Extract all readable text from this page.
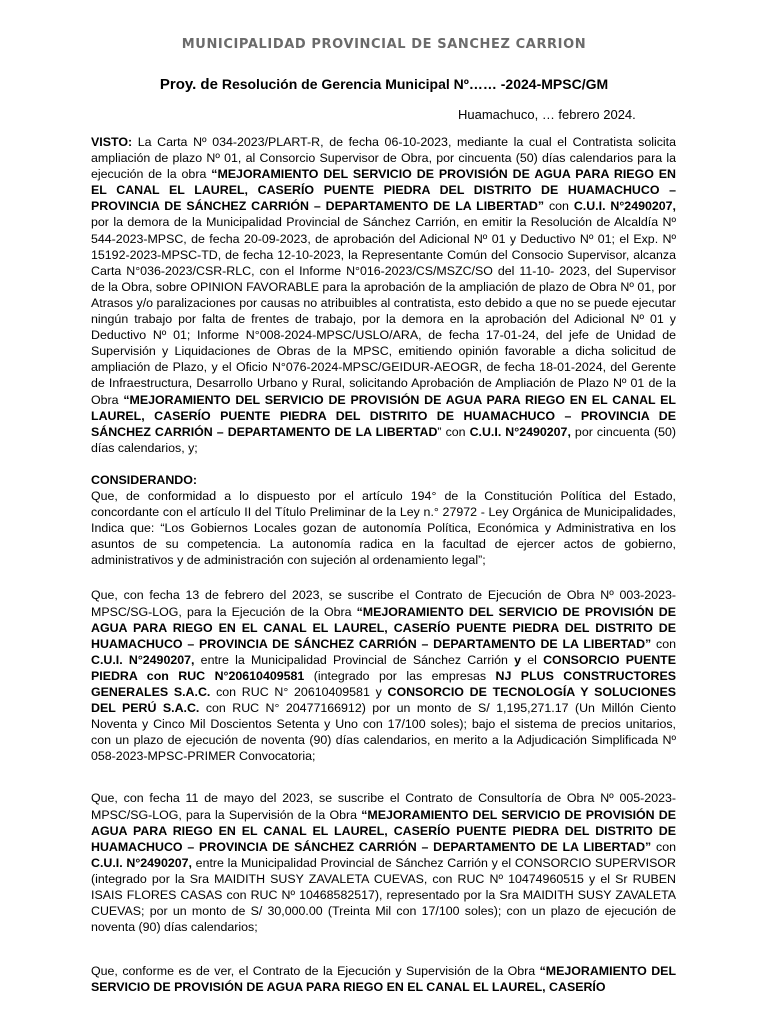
MUNICIPALIDAD PROVINCIAL DE SANCHEZ CARRION
Proy. de Resolución de Gerencia Municipal Nº…… -2024-MPSC/GM
Huamachuco, … febrero 2024.

VISTO: La Carta Nº 034-2023/PLART-R, de fecha 06-10-2023, mediante la cual el Contratista solicita ampliación de plazo Nº 01, al Consorcio Supervisor de Obra, por cincuenta (50) días calendarios para la ejecución de la obra “MEJORAMIENTO DEL SERVICIO DE PROVISIÓN DE AGUA PARA RIEGO EN EL CANAL EL LAUREL, CASERÍO PUENTE PIEDRA DEL DISTRITO DE HUAMACHUCO – PROVINCIA DE SÁNCHEZ CARRIÓN – DEPARTAMENTO DE LA LIBERTAD” con C.U.I. N°2490207, por la demora de la Municipalidad Provincial de Sánchez Carrión, en emitir la Resolución de Alcaldía Nº 544-2023-MPSC, de fecha 20-09-2023, de aprobación del Adicional Nº 01 y Deductivo Nº 01; el Exp. Nº 15192-2023-MPSC-TD, de fecha 12-10-2023, la Representante Común del Consocio Supervisor, alcanza Carta N°036-2023/CSR-RLC, con el Informe N°016-2023/CS/MSZC/SO del 11-10- 2023, del Supervisor de la Obra, sobre OPINION FAVORABLE para la aprobación de la ampliación de plazo de Obra Nº 01, por Atrasos y/o paralizaciones por causas no atribuibles al contratista, esto debido a que no se puede ejecutar ningún trabajo por falta de frentes de trabajo, por la demora en la aprobación del Adicional Nº 01 y Deductivo Nº 01; Informe N°008-2024-MPSC/USLO/ARA, de fecha 17-01-24, del jefe de Unidad de Supervisión y Liquidaciones de Obras de la MPSC, emitiendo opinión favorable a dicha solicitud de ampliación de Plazo, y el Oficio N°076-2024-MPSC/GEIDUR-AEOGR, de fecha 18-01-2024, del Gerente de Infraestructura, Desarrollo Urbano y Rural, solicitando Aprobación de Ampliación de Plazo Nº 01 de la Obra “MEJORAMIENTO DEL SERVICIO DE PROVISIÓN DE AGUA PARA RIEGO EN EL CANAL EL LAUREL, CASERÍO PUENTE PIEDRA DEL DISTRITO DE HUAMACHUCO – PROVINCIA DE SÁNCHEZ CARRIÓN – DEPARTAMENTO DE LA LIBERTAD” con C.U.I. N°2490207, por cincuenta (50) días calendarios, y;

CONSIDERANDO:

Que, de conformidad a lo dispuesto por el artículo 194° de la Constitución Política del Estado, concordante con el artículo II del Título Preliminar de la Ley n.° 27972 - Ley Orgánica de Municipalidades, Indica que: “Los Gobiernos Locales gozan de autonomía Política, Económica y Administrativa en los asuntos de su competencia. La autonomía radica en la facultad de ejercer actos de gobierno, administrativos y de administración con sujeción al ordenamiento legal”;

Que, con fecha 13 de febrero del 2023, se suscribe el Contrato de Ejecución de Obra Nº 003-2023-MPSC/SG-LOG, para la Ejecución de la Obra “MEJORAMIENTO DEL SERVICIO DE PROVISIÓN DE AGUA PARA RIEGO EN EL CANAL EL LAUREL, CASERÍO PUENTE PIEDRA DEL DISTRITO DE HUAMACHUCO – PROVINCIA DE SÁNCHEZ CARRIÓN – DEPARTAMENTO DE LA LIBERTAD” con C.U.I. N°2490207, entre la Municipalidad Provincial de Sánchez Carrión y el CONSORCIO PUENTE PIEDRA con RUC N°20610409581 (integrado por las empresas NJ PLUS CONSTRUCTORES GENERALES S.A.C. con RUC N° 20610409581 y CONSORCIO DE TECNOLOGÍA Y SOLUCIONES DEL PERÚ S.A.C. con RUC N° 20477166912) por un monto de S/ 1,195,271.17 (Un Millón Ciento Noventa y Cinco Mil Doscientos Setenta y Uno con 17/100 soles); bajo el sistema de precios unitarios, con un plazo de ejecución de noventa (90) días calendarios, en merito a la Adjudicación Simplificada Nº 058-2023-MPSC-PRIMER Convocatoria;

Que, con fecha 11 de mayo del 2023, se suscribe el Contrato de Consultoría de Obra Nº 005-2023-MPSC/SG-LOG, para la Supervisión de la Obra “MEJORAMIENTO DEL SERVICIO DE PROVISIÓN DE AGUA PARA RIEGO EN EL CANAL EL LAUREL, CASERÍO PUENTE PIEDRA DEL DISTRITO DE HUAMACHUCO – PROVINCIA DE SÁNCHEZ CARRIÓN – DEPARTAMENTO DE LA LIBERTAD” con C.U.I. N°2490207, entre la Municipalidad Provincial de Sánchez Carrión y el CONSORCIO SUPERVISOR (integrado por la Sra MAIDITH SUSY ZAVALETA CUEVAS, con RUC Nº 10474960515 y el Sr RUBEN ISAIS FLORES CASAS con RUC Nº 10468582517), representado por la Sra MAIDITH SUSY ZAVALETA CUEVAS; por un monto de S/ 30,000.00 (Treinta Mil con 17/100 soles); con un plazo de ejecución de noventa (90) días calendarios;

Que, conforme es de ver, el Contrato de la Ejecución y Supervisión de la Obra “MEJORAMIENTO DEL SERVICIO DE PROVISIÓN DE AGUA PARA RIEGO EN EL CANAL EL LAUREL, CASERÍO
